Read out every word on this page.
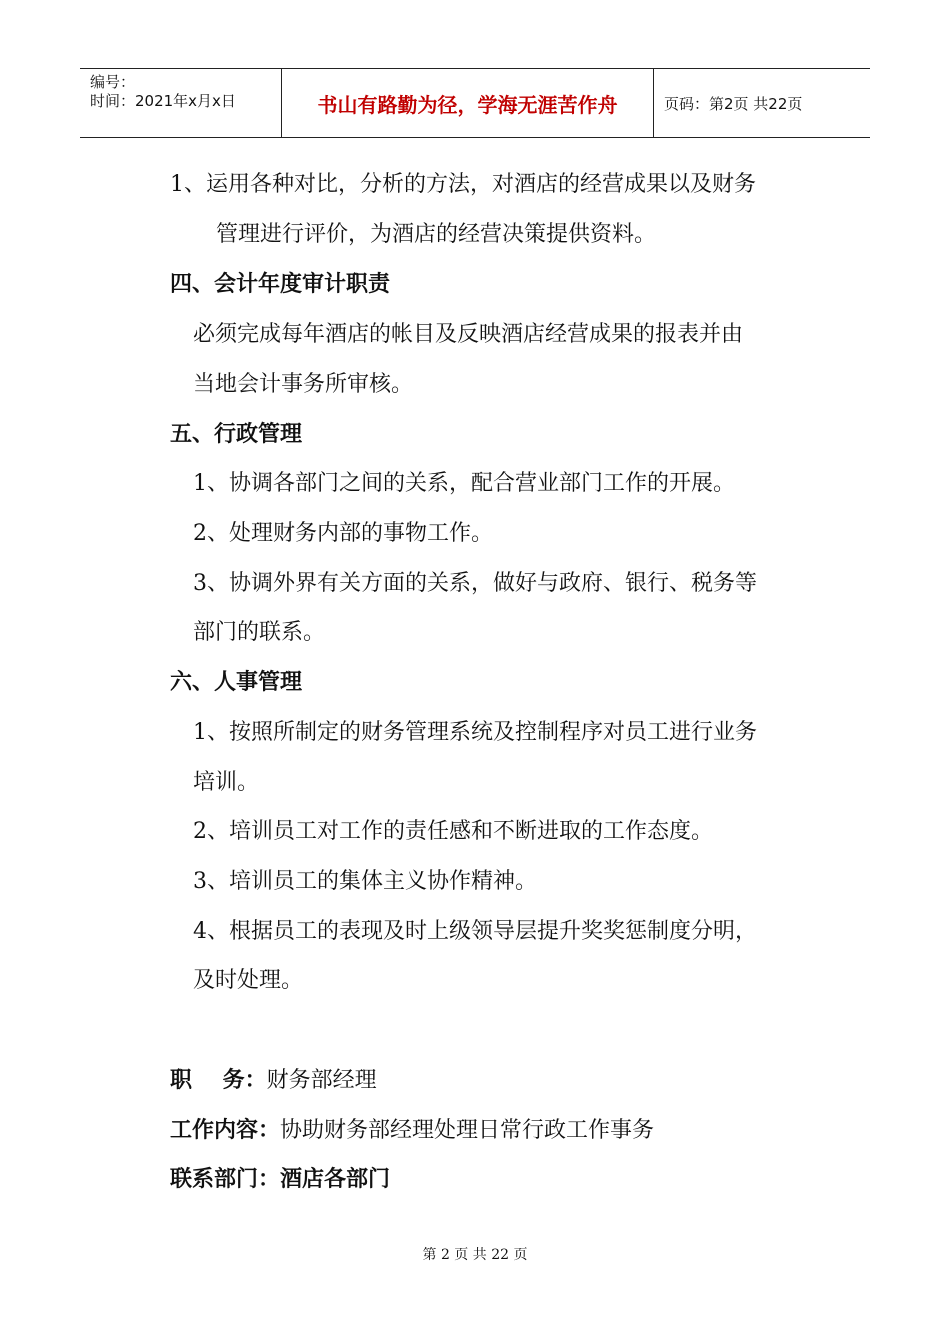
编号：
时间：2021年x月x日	书山有路勤为径，学海无涯苦作舟	页码：第2页 共22页
1、运用各种对比，分析的方法，对酒店的经营成果以及财务
管理进行评价，为酒店的经营决策提供资料。
四、会计年度审计职责
必须完成每年酒店的帐目及反映酒店经营成果的报表并由
当地会计事务所审核。
五、行政管理
1、协调各部门之间的关系，配合营业部门工作的开展。
2、处理财务内部的事物工作。
3、协调外界有关方面的关系，做好与政府、银行、税务等
部门的联系。
六、人事管理
1、按照所制定的财务管理系统及控制程序对员工进行业务
培训。
2、培训员工对工作的责任感和不断进取的工作态度。
3、培训员工的集体主义协作精神。
4、根据员工的表现及时上级领导层提升奖奖惩制度分明，
及时处理。
职    务：财务部经理
工作内容：协助财务部经理处理日常行政工作事务
联系部门：酒店各部门
第 2 页 共 22 页
